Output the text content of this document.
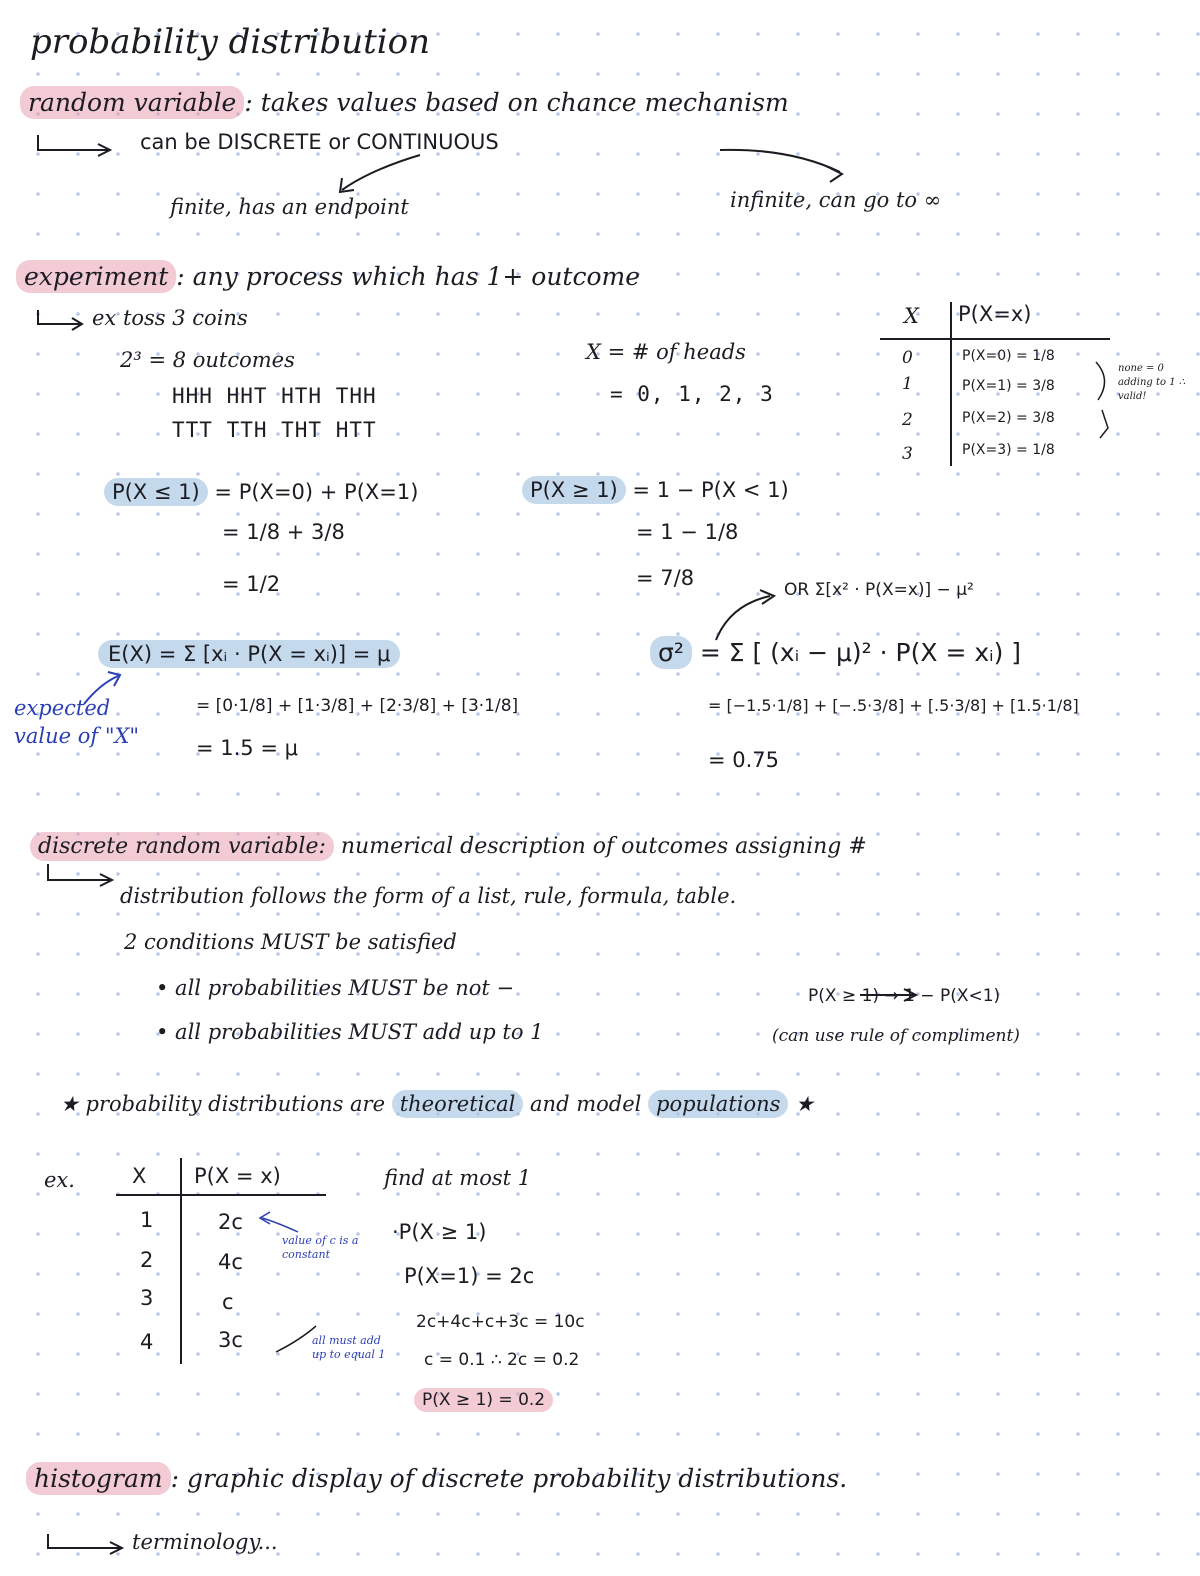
probability distribution
random variable : takes values based on chance mechanism
can be DISCRETE or CONTINUOUS
finite, has an endpoint	infinite, can go to ∞
experiment : any process which has 1+ outcome
ex toss 3 coins
2³ = 8 outcomes
HHH HHT HTH THH
TTT TTH THT HTT
X = # of heads
= 0, 1, 2, 3
X P(X=x)
0
1
2
3
P(X=0) = 1/8
P(X=1) = 3/8
P(X=2) = 3/8
P(X=3) = 1/8
none = 0 adding to 1 ∴ valid!
P(X ≤ 1) = P(X=0) + P(X=1)
= 1/8 + 3/8
= 1/2
P(X ≥ 1) = 1 − P(X < 1)
= 1 − 1/8
= 7/8
E(X) = Σ [xᵢ · P(X = xᵢ)] = μ
= [0·1/8] + [1·3/8] + [2·3/8] + [3·1/8]
= 1.5 = μ
expected value of "X"
OR Σ[x² · P(X=x)] − μ²
σ² = Σ [ (xᵢ − μ)² · P(X = xᵢ) ]
= [−1.5·1/8] + [−.5·3/8] + [.5·3/8] + [1.5·1/8]
= 0.75
discrete random variable: numerical description of outcomes assigning #
distribution follows the form of a list, rule, formula, table.
2 conditions MUST be satisfied
• all probabilities MUST be not −
• all probabilities MUST add up to 1
P(X ≥ 1) → 1 − P(X<1)
(can use rule of compliment)
★ probability distributions are theoretical and model populations ★
ex.	X P(X = x)
1
2
3
4
2c
4c
c
3c
value of c is a constant
all must add up to equal 1
find at most 1
·P(X ≥ 1)
P(X=1) = 2c
2c+4c+c+3c = 10c
c = 0.1 ∴ 2c = 0.2
P(X ≥ 1) = 0.2
histogram : graphic display of discrete probability distributions.
terminology...
